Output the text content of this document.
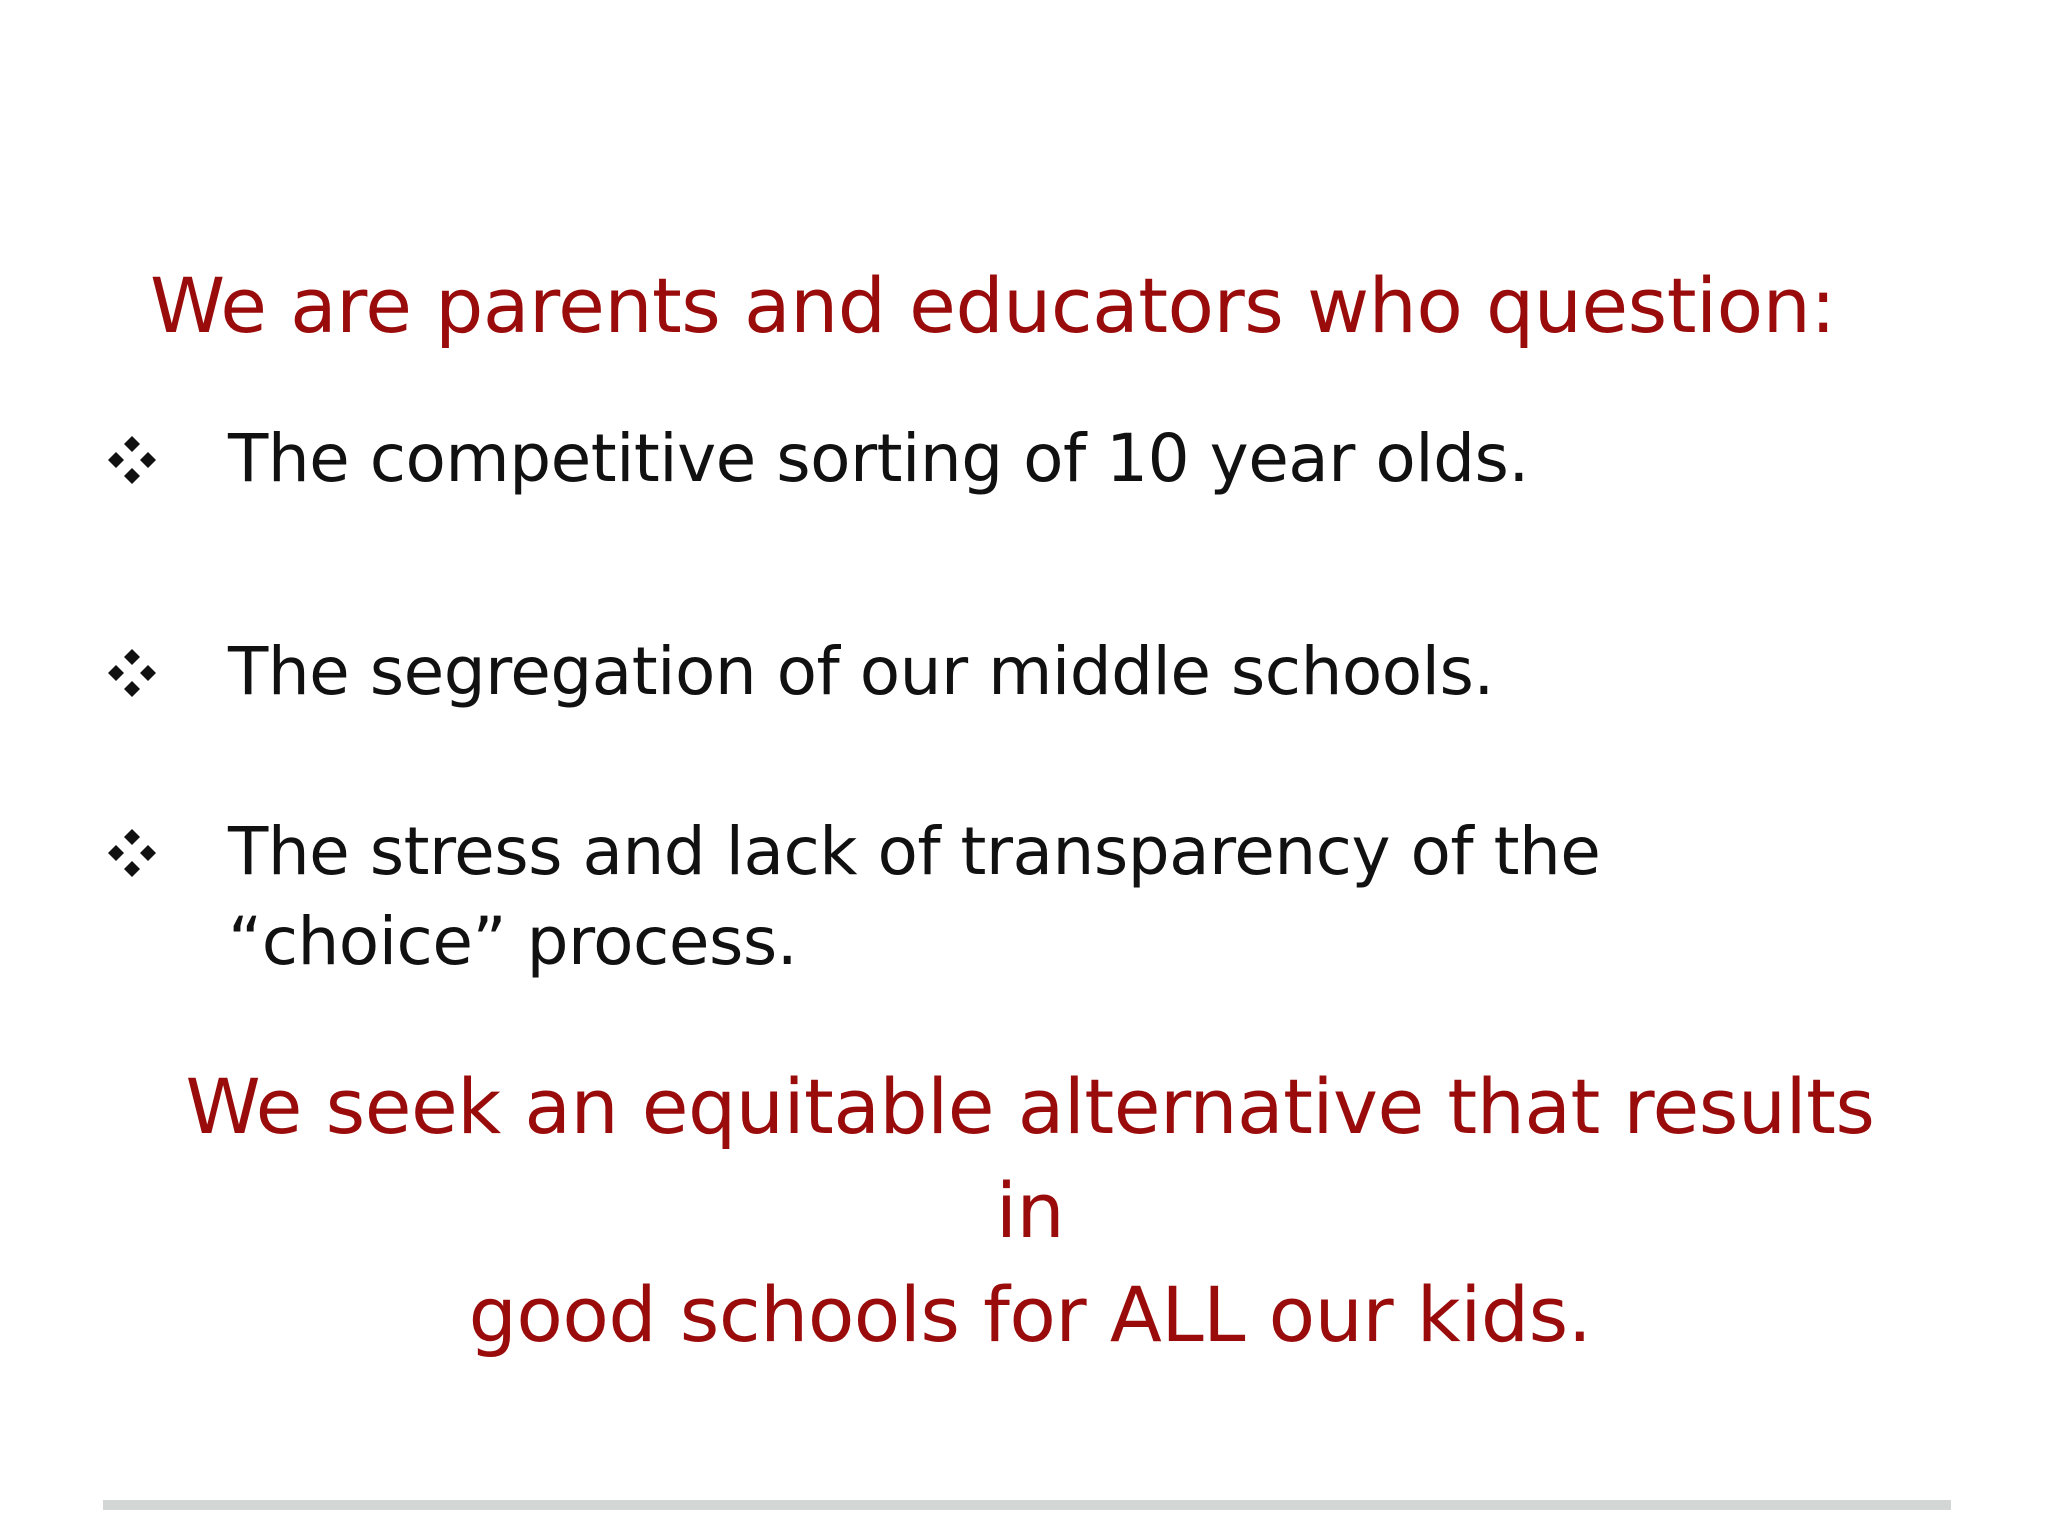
We are parents and educators who question:
The competitive sorting of 10 year olds.
The segregation of our middle schools.
The stress and lack of transparency of the “choice” process.
We seek an equitable alternative that results in
good schools for ALL our kids.
